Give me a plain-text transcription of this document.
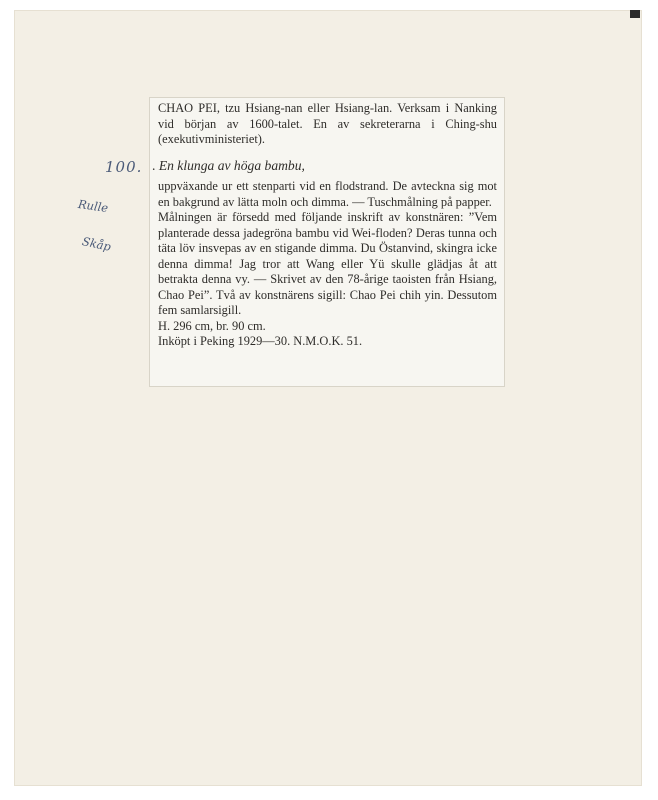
100.
Rulle
Skåp

CHAO PEI, tzu Hsiang-nan eller Hsiang-lan. Verksam i Nanking vid början av 1600-talet. En av sekreterarna i Ching-shu (exekutivministeriet).

. En klunga av höga bambu,

uppväxande ur ett stenparti vid en flodstrand. De avteckna sig mot en bakgrund av lätta moln och dimma. — Tuschmålning på papper.

Målningen är försedd med följande inskrift av konstnären: ”Vem planterade dessa jadegröna bambu vid Wei-floden? Deras tunna och täta löv insvepas av en stigande dimma. Du Östanvind, skingra icke denna dimma! Jag tror att Wang eller Yü skulle glädjas åt att betrakta denna vy. — Skrivet av den 78-årige taoisten från Hsiang, Chao Pei”. Två av konstnärens sigill: Chao Pei chih yin. Dessutom fem samlarsigill.

H. 296 cm, br. 90 cm.

Inköpt i Peking 1929—30. N.M.O.K. 51.
